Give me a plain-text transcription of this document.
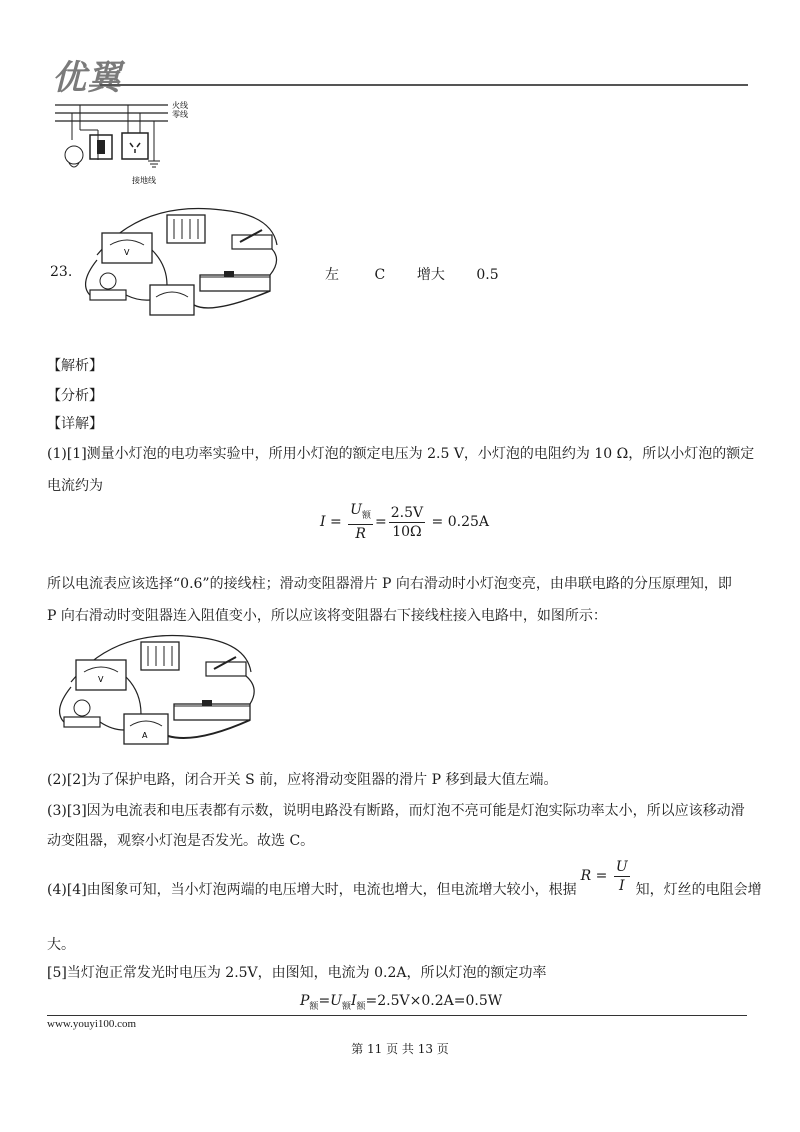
优翼
火线
零线
接地线
23.
V
左	C 增大 0.5
【解析】
【分析】
【详解】
(1)[1]测量小灯泡的电功率实验中，所用小灯泡的额定电压为 2.5 V，小灯泡的电阻约为 10 Ω，所以小灯泡的额定
电流约为
$I = \frac{U_额}{R} = \frac{2.5V}{10\Omega} = 0.25A$
所以电流表应该选择“0.6”的接线柱；滑动变阻器滑片 P 向右滑动时小灯泡变亮，由串联电路的分压原理知，即
P 向右滑动时变阻器连入阻值变小，所以应该将变阻器右下接线柱接入电路中，如图所示：
V
A
(2)[2]为了保护电路，闭合开关 S 前，应将滑动变阻器的滑片 P 移到最大值左端。
(3)[3]因为电流表和电压表都有示数，说明电路没有断路，而灯泡不亮可能是灯泡实际功率太小，所以应该移动滑
动变阻器，观察小灯泡是否发光。故选 C。
(4)[4]由图象可知，当小灯泡两端的电压增大时，电流也增大，但电流增大较小，根据
$R = \frac{U}{I}$ 知，灯丝的电阻会增
大。
[5]当灯泡正常发光时电压为 2.5V，由图知，电流为 0.2A，所以灯泡的额定功率
$P_额=U_额I_额=2.5V\times 0.2A=0.5W$
www.youyi100.com
第 11 页 共 13 页
